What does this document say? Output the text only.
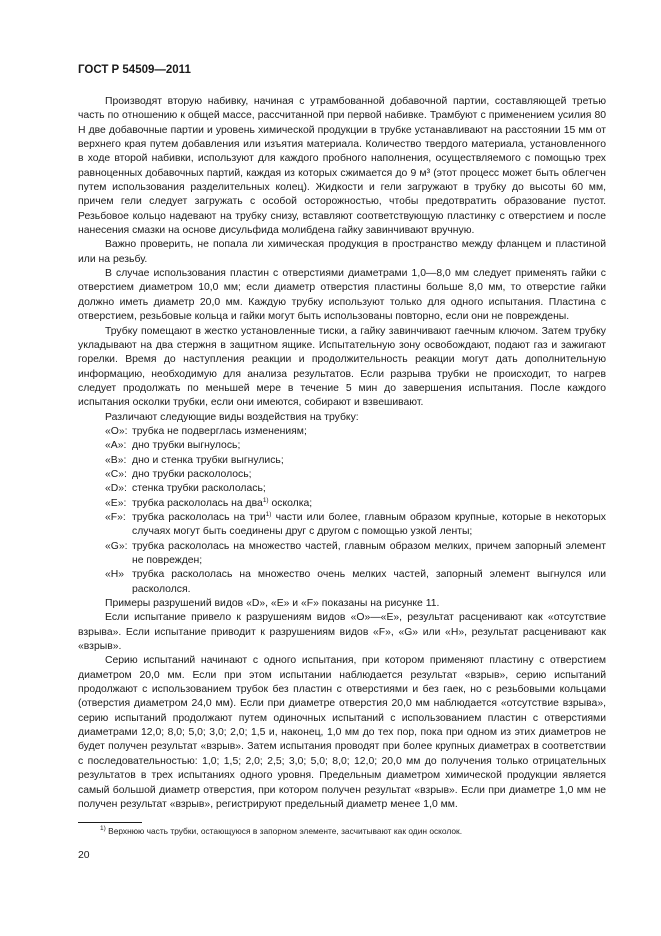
ГОСТ Р 54509—2011

Производят вторую набивку, начиная с утрамбованной добавочной партии, составляющей третью часть по отношению к общей массе, рассчитанной при первой набивке. Трамбуют с применением усилия 80 Н две добавочные партии и уровень химической продукции в трубке устанавливают на расстоянии 15 мм от верхнего края путем добавления или изъятия материала. Количество твердого материала, установленного в ходе второй набивки, используют для каждого пробного наполнения, осуществляемого с помощью трех равноценных добавочных партий, каждая из которых сжимается до 9 м³ (этот процесс может быть облегчен путем использования разделительных колец). Жидкости и гели загружают в трубку до высоты 60 мм, причем гели следует загружать с особой осторожностью, чтобы предотвратить образование пустот. Резьбовое кольцо надевают на трубку снизу, вставляют соответствующую пластинку с отверстием и после нанесения смазки на основе дисульфида молибдена гайку завинчивают вручную.

Важно проверить, не попала ли химическая продукция в пространство между фланцем и пластиной или на резьбу.

В случае использования пластин с отверстиями диаметрами 1,0—8,0 мм следует применять гайки с отверстием диаметром 10,0 мм; если диаметр отверстия пластины больше 8,0 мм, то отверстие гайки должно иметь диаметр 20,0 мм. Каждую трубку используют только для одного испытания. Пластина с отверстием, резьбовые кольца и гайки могут быть использованы повторно, если они не повреждены.

Трубку помещают в жестко установленные тиски, а гайку завинчивают гаечным ключом. Затем трубку укладывают на два стержня в защитном ящике. Испытательную зону освобождают, подают газ и зажигают горелки. Время до наступления реакции и продолжительность реакции могут дать дополнительную информацию, необходимую для анализа результатов. Если разрыва трубки не происходит, то нагрев следует продолжать по меньшей мере в течение 5 мин до завершения испытания. После каждого испытания осколки трубки, если они имеются, собирают и взвешивают.

Различают следующие виды воздействия на трубку:

«O»: трубка не подверглась изменениям;
«A»: дно трубки выгнулось;
«B»: дно и стенка трубки выгнулись;
«C»: дно трубки раскололось;
«D»: стенка трубки раскололась;
«E»: трубка раскололась на два$^{1)}$ осколка;
«F»: трубка раскололась на три$^{1)}$ части или более, главным образом крупные, которые в некоторых случаях могут быть соединены друг с другом с помощью узкой ленты;
«G»: трубка раскололась на множество частей, главным образом мелких, причем запорный элемент не поврежден;
«H» трубка раскололась на множество очень мелких частей, запорный элемент выгнулся или раскололся.

Примеры разрушений видов «D», «E» и «F» показаны на рисунке 11.

Если испытание привело к разрушениям видов «O»—«E», результат расценивают как «отсутствие взрыва». Если испытание приводит к разрушениям видов «F», «G» или «H», результат расценивают как «взрыв».

Серию испытаний начинают с одного испытания, при котором применяют пластину с отверстием диаметром 20,0 мм. Если при этом испытании наблюдается результат «взрыв», серию испытаний продолжают с использованием трубок без пластин с отверстиями и без гаек, но с резьбовыми кольцами (отверстия диаметром 24,0 мм). Если при диаметре отверстия 20,0 мм наблюдается «отсутствие взрыва», серию испытаний продолжают путем одиночных испытаний с использованием пластин с отверстиями диаметрами 12,0; 8,0; 5,0; 3,0; 2,0; 1,5 и, наконец, 1,0 мм до тех пор, пока при одном из этих диаметров не будет получен результат «взрыв». Затем испытания проводят при более крупных диаметрах в соответствии с последовательностью: 1,0; 1,5; 2,0; 2,5; 3,0; 5,0; 8,0; 12,0; 20,0 мм до получения только отрицательных результатов в трех испытаниях одного уровня. Предельным диаметром химической продукции является самый большой диаметр отверстия, при котором получен результат «взрыв». Если при диаметре 1,0 мм не получен результат «взрыв», регистрируют предельный диаметр менее 1,0 мм.

$^{1)}$ Верхнюю часть трубки, остающуюся в запорном элементе, засчитывают как один осколок.
20
